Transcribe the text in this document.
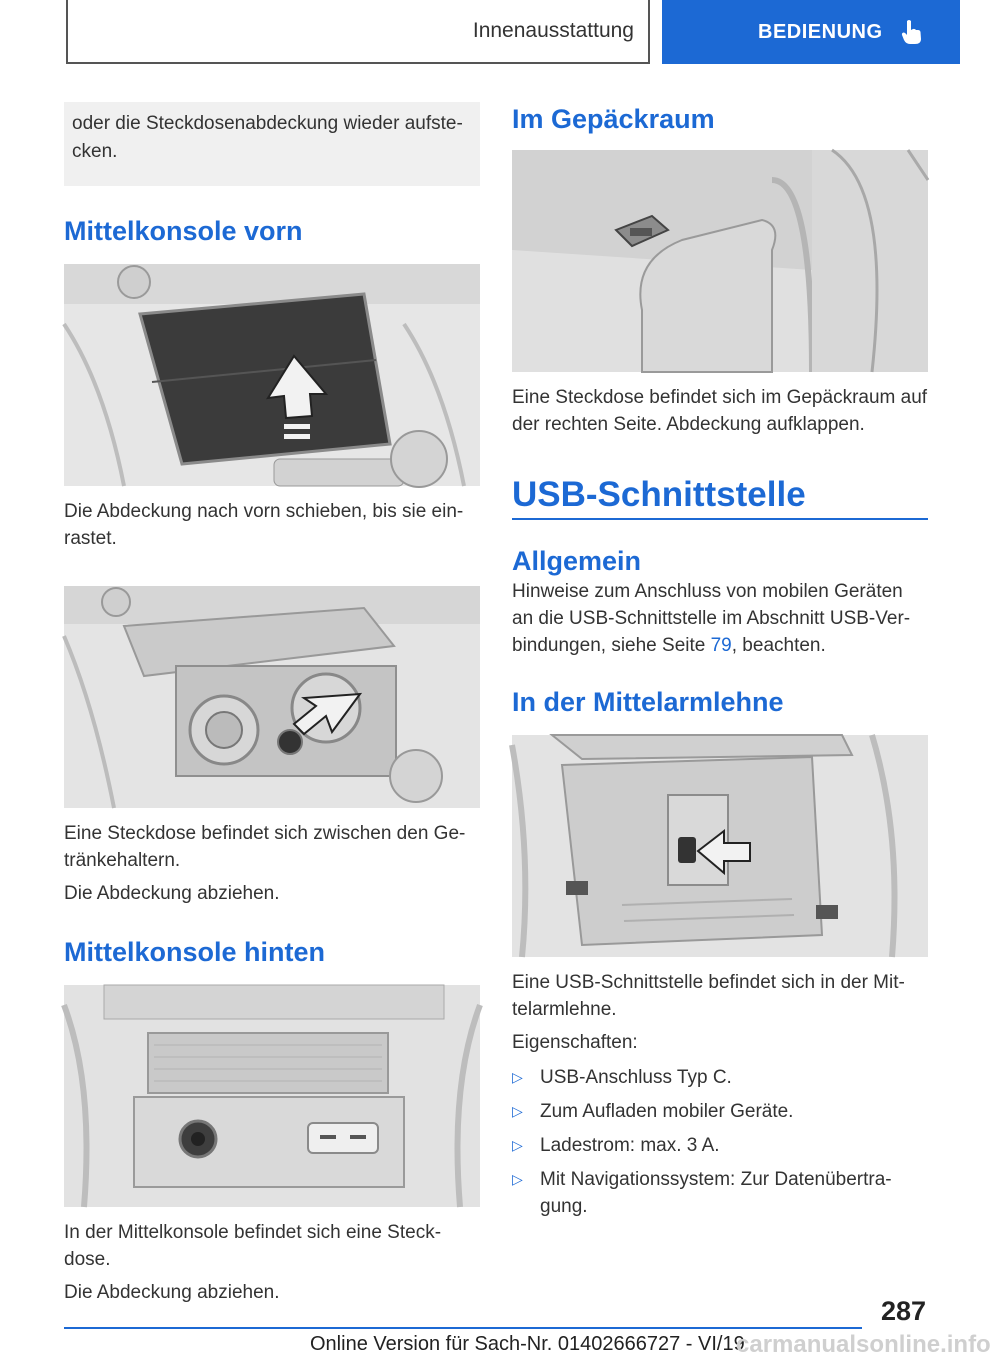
Innenausstattung	BEDIENUNG
oder die Steckdosenabdeckung wieder aufste-cken.
Mittelkonsole vorn

Die Abdeckung nach vorn schieben, bis sie ein-rastet.

Eine Steckdose befindet sich zwischen den Ge-tränkehaltern.

Die Abdeckung abziehen.

Mittelkonsole hinten

In der Mittelkonsole befindet sich eine Steck-dose.

Die Abdeckung abziehen.

Im Gepäckraum

Eine Steckdose befindet sich im Gepäckraum auf der rechten Seite. Abdeckung aufklappen.

USB-Schnittstelle
Allgemein

Hinweise zum Anschluss von mobilen Geräten an die USB-Schnittstelle im Abschnitt USB-Ver-bindungen, siehe Seite 79, beachten.

In der Mittelarmlehne

Eine USB-Schnittstelle befindet sich in der Mit-telarmlehne.

Eigenschaften:

▷ USB-Anschluss Typ C.
▷ Zum Aufladen mobiler Geräte.
▷ Ladestrom: max. 3 A.
▷ Mit Navigationssystem: Zur Datenübertra-gung.
287
Online Version für Sach-Nr. 01402666727 - VI/19
carmanualsonline.info
